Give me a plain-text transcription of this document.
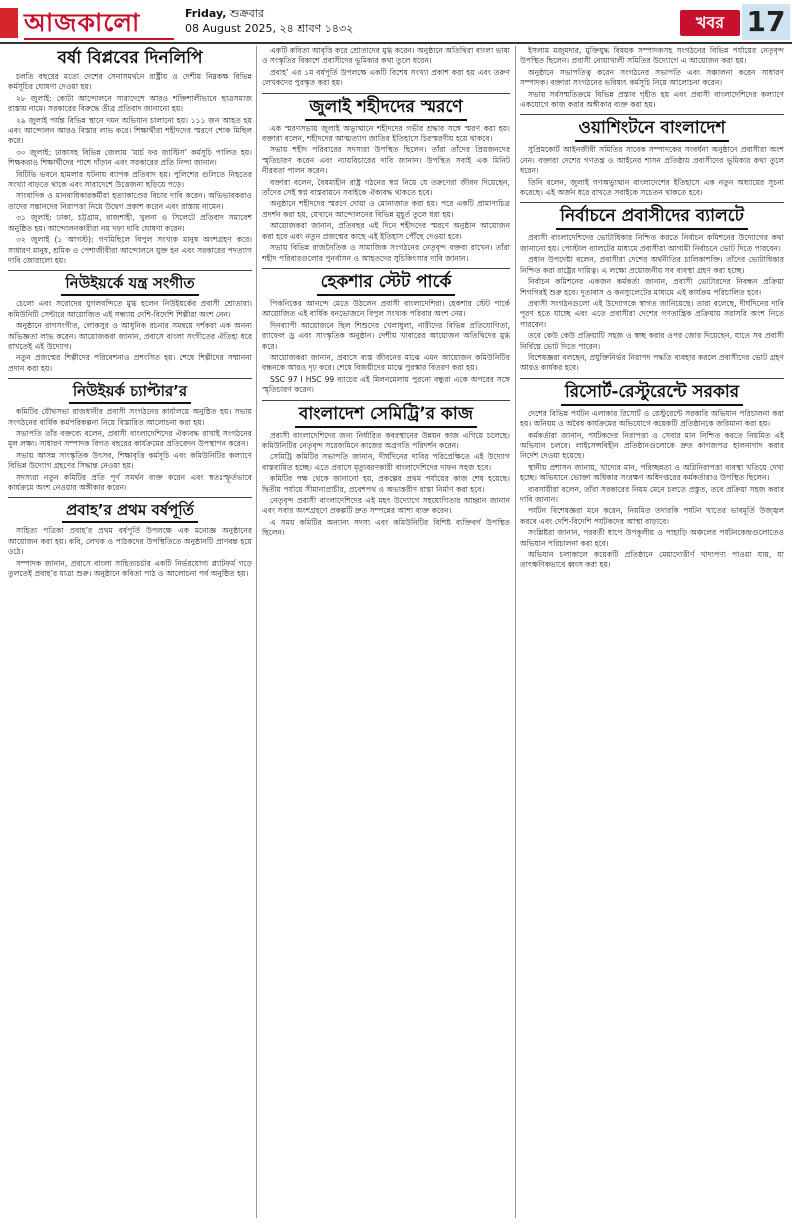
আজকালো	Friday, শুক্রবার
08 August 2025, ২৪ শ্রাবণ ১৪৩২	খবর 17
বর্ষা বিপ্লবের দিনলিপি

চলতি বছরের মতো দেশের সেনাসমর্থনে রাষ্ট্রীয় ও দেশীয় নিম্নকক্ষ বিভিন্ন কর্মসূচির ঘোষণা দেওয়া হয়।

২৮ জুলাই: কোটা আন্দোলনে সারাদেশে আরও শক্তিশালীভাবে ছাত্রসমাজ রাস্তায় নামে। সরকারের বিরুদ্ধে তীব্র প্রতিবাদ জানানো হয়।

২৯ জুলাই পর্যন্ত বিভিন্ন স্থানে দমন অভিযান চালানো হয়। ১১১ জন আহত হয় এবং আন্দোলন আরও বিস্তার লাভ করে। শিক্ষার্থীরা শহীদদের স্মরণে শোক মিছিল করে।

৩০ জুলাই: ঢাকাসহ বিভিন্ন জেলায় ‘মার্চ ফর জাস্টিস’ কর্মসূচি পালিত হয়। শিক্ষকরাও শিক্ষার্থীদের পাশে দাঁড়ান এবং সরকারের প্রতি নিন্দা জানান।

বিটিভি ভবনে হামলার ঘটনায় ব্যাপক প্রতিবাদ হয়। পুলিশের গুলিতে নিহতের সংখ্যা বাড়তে থাকে এবং সারাদেশে উত্তেজনা ছড়িয়ে পড়ে।

সাংবাদিক ও মানবাধিকারকর্মীরা হত্যাকাণ্ডের বিচার দাবি করেন। অভিভাবকরাও তাদের সন্তানদের নিরাপত্তা নিয়ে উদ্বেগ প্রকাশ করেন এবং রাস্তায় নামেন।

৩১ জুলাই: ঢাকা, চট্টগ্রাম, রাজশাহী, খুলনা ও সিলেটে প্রতিবাদ সমাবেশ অনুষ্ঠিত হয়। আন্দোলনকারীরা নয় দফা দাবি ঘোষণা করেন।

৩২ জুলাই (১ আগস্ট): গণমিছিলে বিপুল সংখ্যক মানুষ অংশগ্রহণ করে। সাধারণ মানুষ, শ্রমিক ও পেশাজীবীরা আন্দোলনে যুক্ত হন এবং সরকারের পদত্যাগ দাবি জোরালো হয়।

নিউইয়র্কে যন্ত্র সংগীত

চেলো এবং সরোদের যুগলবন্দিতে মুগ্ধ হলেন নিউইয়র্কের প্রবাসী শ্রোতারা। কমিউনিটি সেন্টারে আয়োজিত এই সন্ধ্যায় দেশি-বিদেশি শিল্পীরা অংশ নেন।

অনুষ্ঠানে রাগসংগীত, লোকসুর ও আধুনিক রচনার সমন্বয়ে দর্শকরা এক অনন্য অভিজ্ঞতা লাভ করেন। আয়োজকরা জানান, প্রবাসে বাংলা সংগীতের ঐতিহ্য ধরে রাখতেই এই উদ্যোগ।

নতুন প্রজন্মের শিল্পীদের পরিবেশনাও প্রশংসিত হয়। শেষে শিল্পীদের সম্মাননা প্রদান করা হয়।

নিউইয়র্ক চ্যাপ্টার’র

কমিটির যৌথসভা রাজধানীর প্রবাসী সংগঠনের কার্যালয়ে অনুষ্ঠিত হয়। সভায় সংগঠনের বার্ষিক কর্মপরিকল্পনা নিয়ে বিস্তারিত আলোচনা করা হয়।

সভাপতি তাঁর বক্তব্যে বলেন, প্রবাসী বাংলাদেশিদের ঐক্যবদ্ধ রাখাই সংগঠনের মূল লক্ষ্য। সাধারণ সম্পাদক বিগত বছরের কার্যক্রমের প্রতিবেদন উপস্থাপন করেন।

সভায় আসন্ন সাংস্কৃতিক উৎসব, শিক্ষাবৃত্তি কর্মসূচি এবং কমিউনিটির কল্যাণে বিভিন্ন উদ্যোগ গ্রহণের সিদ্ধান্ত নেওয়া হয়।

সদস্যরা নতুন কমিটির প্রতি পূর্ণ সমর্থন ব্যক্ত করেন এবং স্বতঃস্ফূর্তভাবে কার্যক্রমে অংশ নেওয়ার অঙ্গীকার করেন।

প্রবাহ’র প্রথম বর্ষপূর্তি

সাহিত্য পত্রিকা প্রবাহ’র প্রথম বর্ষপূর্তি উপলক্ষে এক মনোজ্ঞ অনুষ্ঠানের আয়োজন করা হয়। কবি, লেখক ও পাঠকদের উপস্থিতিতে অনুষ্ঠানটি প্রাণবন্ত হয়ে ওঠে।

সম্পাদক জানান, প্রবাসে বাংলা সাহিত্যচর্চার একটি নির্ভরযোগ্য প্ল্যাটফর্ম গড়ে তুলতেই প্রবাহ’র যাত্রা শুরু। অনুষ্ঠানে কবিতা পাঠ ও আলোচনা পর্ব অনুষ্ঠিত হয়।

একটি কবিতা আবৃত্তি করে শ্রোতাদের মুগ্ধ করেন। অনুষ্ঠানে অতিথিরা বাংলা ভাষা ও সংস্কৃতির বিকাশে প্রবাসীদের ভূমিকার কথা তুলে ধরেন।

প্রবাহ’ এর ১ম বর্ষপূর্তি উপলক্ষে একটি বিশেষ সংখ্যা প্রকাশ করা হয় এবং তরুণ লেখকদের পুরস্কৃত করা হয়।

জুলাই শহীদদের স্মরণে

এক স্মরণসভায় জুলাই অভ্যুত্থানে শহীদদের গভীর শ্রদ্ধার সঙ্গে স্মরণ করা হয়। বক্তারা বলেন, শহীদদের আত্মত্যাগ জাতির ইতিহাসে চিরস্মরণীয় হয়ে থাকবে।

সভায় শহীদ পরিবারের সদস্যরা উপস্থিত ছিলেন। তাঁরা তাঁদের প্রিয়জনদের স্মৃতিচারণ করেন এবং ন্যায়বিচারের দাবি জানান। উপস্থিত সবাই এক মিনিট নীরবতা পালন করেন।

বক্তারা বলেন, বৈষম্যহীন রাষ্ট্র গঠনের স্বপ্ন নিয়ে যে তরুণেরা জীবন দিয়েছেন, তাঁদের সেই স্বপ্ন বাস্তবায়নে সবাইকে ঐক্যবদ্ধ থাকতে হবে।

অনুষ্ঠানে শহীদদের স্মরণে দোয়া ও মোনাজাত করা হয়। পরে একটি প্রামাণ্যচিত্র প্রদর্শন করা হয়, যেখানে আন্দোলনের বিভিন্ন মুহূর্ত তুলে ধরা হয়।

আয়োজকরা জানান, প্রতিবছর এই দিনে শহীদদের স্মরণে অনুষ্ঠান আয়োজন করা হবে এবং নতুন প্রজন্মের কাছে এই ইতিহাস পৌঁছে দেওয়া হবে।

সভায় বিভিন্ন রাজনৈতিক ও সামাজিক সংগঠনের নেতৃবৃন্দ বক্তব্য রাখেন। তাঁরা শহীদ পরিবারগুলোর পুনর্বাসন ও আহতদের সুচিকিৎসার দাবি জানান।

হেকশার স্টেট পার্কে

পিকনিকের আনন্দে মেতে উঠলেন প্রবাসী বাংলাদেশিরা। হেকশার স্টেট পার্কে আয়োজিত এই বার্ষিক বনভোজনে বিপুল সংখ্যক পরিবার অংশ নেয়।

দিনব্যাপী আয়োজনে ছিল শিশুদের খেলাধুলা, নারীদের বিভিন্ন প্রতিযোগিতা, র‍্যাফেল ড্র এবং সাংস্কৃতিক অনুষ্ঠান। দেশীয় খাবারের আয়োজন অতিথিদের মুগ্ধ করে।

আয়োজকরা জানান, প্রবাসে ব্যস্ত জীবনের মাঝে এমন আয়োজন কমিউনিটির বন্ধনকে আরও দৃঢ় করে। শেষে বিজয়ীদের মাঝে পুরস্কার বিতরণ করা হয়।

SSC 97 I HSC 99 ব্যাচের এই মিলনমেলায় পুরনো বন্ধুরা একে অপরের সঙ্গে স্মৃতিচারণ করেন।

বাংলাদেশ সেমিট্রি’র কাজ

প্রবাসী বাংলাদেশিদের জন্য নির্ধারিত কবরস্থানের উন্নয়ন কাজ এগিয়ে চলেছে। কমিউনিটির নেতৃবৃন্দ সরেজমিনে কাজের অগ্রগতি পরিদর্শন করেন।

সেমিট্রি কমিটির সভাপতি জানান, দীর্ঘদিনের দাবির পরিপ্রেক্ষিতে এই উদ্যোগ বাস্তবায়িত হচ্ছে। এতে প্রবাসে মৃত্যুবরণকারী বাংলাদেশিদের দাফন সহজ হবে।

কমিটির পক্ষ থেকে জানানো হয়, প্রকল্পের প্রথম পর্যায়ের কাজ শেষ হয়েছে। দ্বিতীয় পর্যায়ে সীমানাপ্রাচীর, প্রবেশপথ ও অভ্যন্তরীণ রাস্তা নির্মাণ করা হবে।

নেতৃবৃন্দ প্রবাসী বাংলাদেশিদের এই মহৎ উদ্যোগে সহযোগিতার আহ্বান জানান এবং সবার অংশগ্রহণে প্রকল্পটি দ্রুত সম্পন্নের আশা ব্যক্ত করেন।

এ সময় কমিটির অন্যান্য সদস্য এবং কমিউনিটির বিশিষ্ট ব্যক্তিবর্গ উপস্থিত ছিলেন।

ইসলাম মজুমদার, মুক্তিযুদ্ধ বিষয়ক সম্পাদকসহ সংগঠনের বিভিন্ন পর্যায়ের নেতৃবৃন্দ উপস্থিত ছিলেন। প্রবাসী নোয়াখালী সমিতির উদ্যোগে এ আয়োজন করা হয়।

অনুষ্ঠানে সভাপতিত্ব করেন সংগঠনের সভাপতি এবং সঞ্চালনা করেন সাধারণ সম্পাদক। বক্তারা সংগঠনের ভবিষ্যৎ কর্মসূচি নিয়ে আলোচনা করেন।

সভায় সর্বসম্মতিক্রমে বিভিন্ন প্রস্তাব গৃহীত হয় এবং প্রবাসী বাংলাদেশিদের কল্যাণে একযোগে কাজ করার অঙ্গীকার ব্যক্ত করা হয়।

ওয়াশিংটনে বাংলাদেশ

সুপ্রিমকোর্ট আইনজীবী সমিতির সাবেক সম্পাদকের সংবর্ধনা অনুষ্ঠানে প্রবাসীরা অংশ নেন। বক্তারা দেশের গণতন্ত্র ও আইনের শাসন প্রতিষ্ঠায় প্রবাসীদের ভূমিকার কথা তুলে ধরেন।

তিনি বলেন, জুলাই গণঅভ্যুত্থান বাংলাদেশের ইতিহাসে এক নতুন অধ্যায়ের সূচনা করেছে। এই অর্জন ধরে রাখতে সবাইকে সচেতন থাকতে হবে।

নির্বাচনে প্রবাসীদের ব্যালটে

প্রবাসী বাংলাদেশিদের ভোটাধিকার নিশ্চিত করতে নির্বাচন কমিশনের উদ্যোগের কথা জানানো হয়। পোস্টাল ব্যালটের মাধ্যমে প্রবাসীরা আগামী নির্বাচনে ভোট দিতে পারবেন।

প্রধান উপদেষ্টা বলেন, প্রবাসীরা দেশের অর্থনীতির চালিকাশক্তি। তাঁদের ভোটাধিকার নিশ্চিত করা রাষ্ট্রের দায়িত্ব। এ লক্ষ্যে প্রয়োজনীয় সব ব্যবস্থা গ্রহণ করা হচ্ছে।

নির্বাচন কমিশনের একজন কর্মকর্তা জানান, প্রবাসী ভোটারদের নিবন্ধন প্রক্রিয়া শিগগিরই শুরু হবে। দূতাবাস ও কনস্যুলেটের মাধ্যমে এই কার্যক্রম পরিচালিত হবে।

প্রবাসী সংগঠনগুলো এই উদ্যোগকে স্বাগত জানিয়েছে। তারা বলেছে, দীর্ঘদিনের দাবি পূরণ হতে যাচ্ছে এবং এতে প্রবাসীরা দেশের গণতান্ত্রিক প্রক্রিয়ায় সরাসরি অংশ নিতে পারবেন।

তবে কেউ কেউ প্রক্রিয়াটি সহজ ও স্বচ্ছ করার ওপর জোর দিয়েছেন, যাতে সব প্রবাসী নির্বিঘ্নে ভোট দিতে পারেন।

বিশেষজ্ঞরা বলছেন, প্রযুক্তিনির্ভর নিরাপদ পদ্ধতি ব্যবহার করলে প্রবাসীদের ভোট গ্রহণ আরও কার্যকর হবে।

রিসোর্ট-রেস্টুরেন্টে সরকার

দেশের বিভিন্ন পর্যটন এলাকার রিসোর্ট ও রেস্টুরেন্টে সরকারি অভিযান পরিচালনা করা হয়। অনিয়ম ও অবৈধ কার্যক্রমের অভিযোগে কয়েকটি প্রতিষ্ঠানকে জরিমানা করা হয়।

কর্মকর্তারা জানান, পর্যটকদের নিরাপত্তা ও সেবার মান নিশ্চিত করতে নিয়মিত এই অভিযান চলবে। লাইসেন্সবিহীন প্রতিষ্ঠানগুলোকে দ্রুত কাগজপত্র হালনাগাদ করার নির্দেশ দেওয়া হয়েছে।

স্থানীয় প্রশাসন জানায়, খাদ্যের মান, পরিচ্ছন্নতা ও অগ্নিনিরাপত্তা ব্যবস্থা খতিয়ে দেখা হচ্ছে। অভিযানে ভোক্তা অধিকার সংরক্ষণ অধিদপ্তরের কর্মকর্তারাও উপস্থিত ছিলেন।

ব্যবসায়ীরা বলেন, তাঁরা সরকারের নিয়ম মেনে চলতে প্রস্তুত, তবে প্রক্রিয়া সহজ করার দাবি জানান।

পর্যটন বিশেষজ্ঞরা মনে করেন, নিয়মিত তদারকি পর্যটন খাতের ভাবমূর্তি উজ্জ্বল করবে এবং দেশি-বিদেশি পর্যটকদের আস্থা বাড়াবে।

সংশ্লিষ্টরা জানান, পরবর্তী ধাপে উপকূলীয় ও পাহাড়ি অঞ্চলের পর্যটনকেন্দ্রগুলোতেও অভিযান পরিচালনা করা হবে।

অভিযান চলাকালে কয়েকটি প্রতিষ্ঠানে মেয়াদোত্তীর্ণ খাদ্যপণ্য পাওয়া যায়, যা তাৎক্ষণিকভাবে ধ্বংস করা হয়।
